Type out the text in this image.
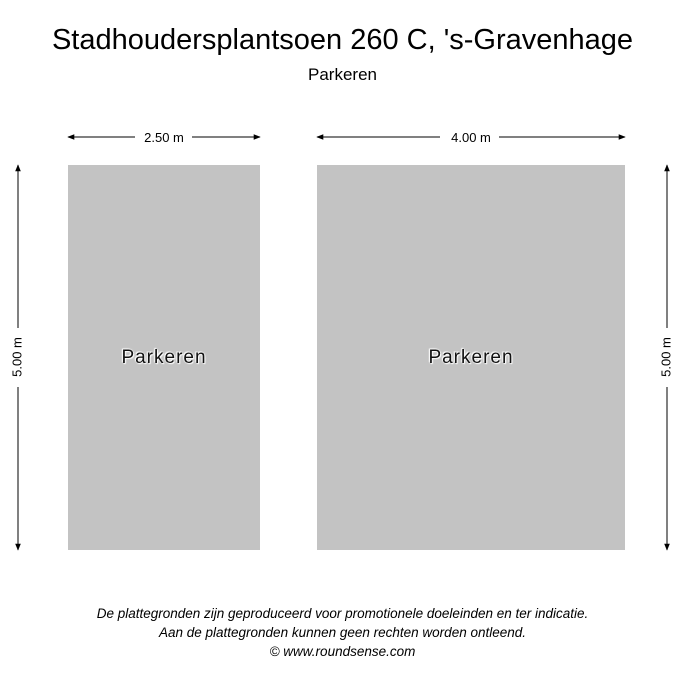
Stadhoudersplantsoen 260 C, 's-Gravenhage
Parkeren
Parkeren	Parkeren
2.50 m	4.00 m
5.00 m	5.00 m
De plattegronden zijn geproduceerd voor promotionele doeleinden en ter indicatie.
Aan de plattegronden kunnen geen rechten worden ontleend.
© www.roundsense.com
